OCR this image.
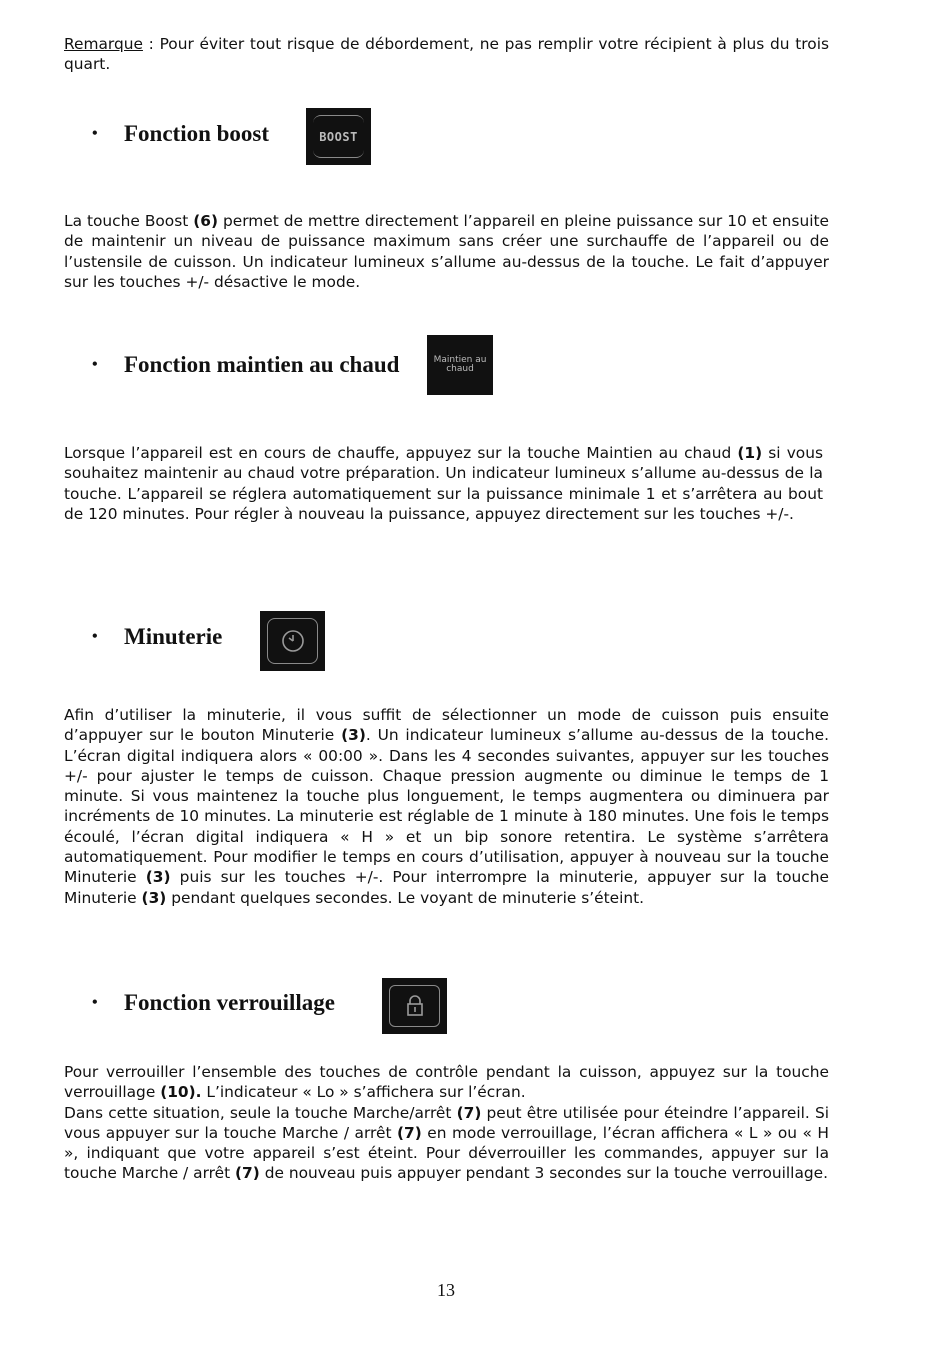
Remarque : Pour éviter tout risque de débordement, ne pas remplir votre récipient à plus du trois quart.

•	Fonction boost	BOOST

La touche Boost (6) permet de mettre directement l’appareil en pleine puissance sur 10 et ensuite de maintenir un niveau de puissance maximum sans créer une surchauffe de l’appareil ou de l’ustensile de cuisson. Un indicateur lumineux s’allume au-dessus de la touche. Le fait d’appuyer sur les touches +/- désactive le mode.

•	Fonction maintien au chaud	Maintien au chaud

Lorsque l’appareil est en cours de chauffe, appuyez sur la touche Maintien au chaud (1) si vous souhaitez maintenir au chaud votre préparation. Un indicateur lumineux s’allume au-dessus de la touche. L’appareil se réglera automatiquement sur la puissance minimale 1 et s’arrêtera au bout de 120 minutes. Pour régler à nouveau la puissance, appuyez directement sur les touches +/-.

•	Minuterie

Afin d’utiliser la minuterie, il vous suffit de sélectionner un mode de cuisson puis ensuite d’appuyer sur le bouton Minuterie (3). Un indicateur lumineux s’allume au-dessus de la touche. L’écran digital indiquera alors « 00:00 ». Dans les 4 secondes suivantes, appuyer sur les touches +/- pour ajuster le temps de cuisson. Chaque pression augmente ou diminue le temps de 1 minute. Si vous maintenez la touche plus longuement, le temps augmentera ou diminuera par incréments de 10 minutes. La minuterie est réglable de 1 minute à 180 minutes. Une fois le temps écoulé, l’écran digital indiquera « H » et un bip sonore retentira. Le système s’arrêtera automatiquement. Pour modifier le temps en cours d’utilisation, appuyer à nouveau sur la touche Minuterie (3) puis sur les touches +/-. Pour interrompre la minuterie, appuyer sur la touche Minuterie (3) pendant quelques secondes. Le voyant de minuterie s’éteint.

•	Fonction verrouillage

Pour verrouiller l’ensemble des touches de contrôle pendant la cuisson, appuyez sur la touche verrouillage (10). L’indicateur « Lo » s’affichera sur l’écran.
Dans cette situation, seule la touche Marche/arrêt (7) peut être utilisée pour éteindre l’appareil. Si vous appuyer sur la touche Marche / arrêt (7) en mode verrouillage, l’écran affichera « L » ou « H », indiquant que votre appareil s’est éteint. Pour déverrouiller les commandes, appuyer sur la touche Marche / arrêt (7) de nouveau puis appuyer pendant 3 secondes sur la touche verrouillage.

13
